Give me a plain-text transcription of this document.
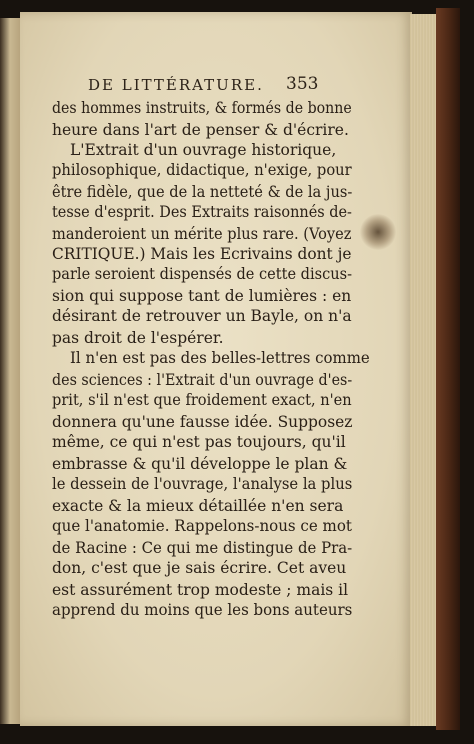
DE LITTÉRATURE.	353
des hommes instruits, & formés de bonne
heure dans l'art de penser & d'écrire.
L'Extrait d'un ouvrage historique,
philosophique, didactique, n'exige, pour
être fidèle, que de la netteté & de la jus-
tesse d'esprit. Des Extraits raisonnés de-
manderoient un mérite plus rare. (Voyez
CRITIQUE.) Mais les Ecrivains dont je
parle seroient dispensés de cette discus-
sion qui suppose tant de lumières : en
désirant de retrouver un Bayle, on n'a
pas droit de l'espérer.
Il n'en est pas des belles-lettres comme
des sciences : l'Extrait d'un ouvrage d'es-
prit, s'il n'est que froidement exact, n'en
donnera qu'une fausse idée. Supposez
même, ce qui n'est pas toujours, qu'il
embrasse & qu'il développe le plan &
le dessein de l'ouvrage, l'analyse la plus
exacte & la mieux détaillée n'en sera
que l'anatomie. Rappelons-nous ce mot
de Racine : Ce qui me distingue de Pra-
don, c'est que je sais écrire. Cet aveu
est assurément trop modeste ; mais il
apprend du moins que les bons auteurs
